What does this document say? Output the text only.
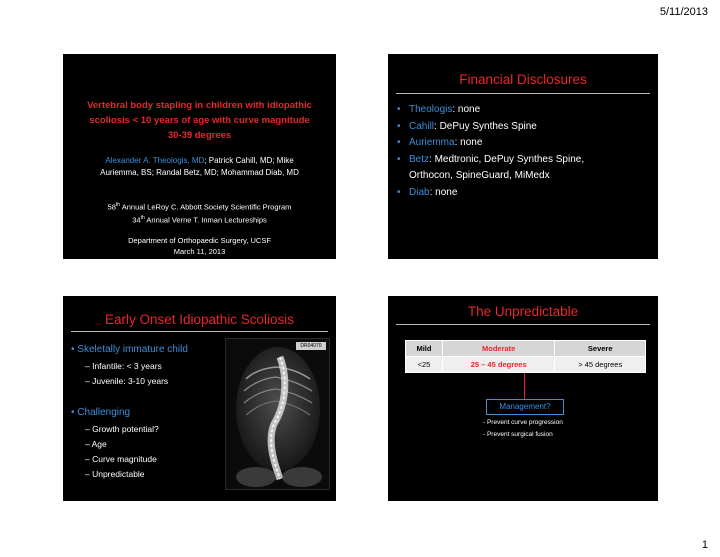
5/11/2013
Vertebral body stapling in children with idiopathic
scoliosis < 10 years of age with curve magnitude
30-39 degrees
Alexander A. Theologis, MD; Patrick Cahill, MD; Mike
Auriemma, BS; Randal Betz, MD; Mohammad Diab, MD
58th Annual LeRoy C. Abbott Society Scientific Program
34th Annual Verne T. Inman Lectureships
Department of Orthopaedic Surgery, UCSF
March 11, 2013
Financial Disclosures
• Theologis: none
• Cahill: DePuy Synthes Spine
• Auriemma: none
• Betz: Medtronic, DePuy Synthes Spine,
Orthocon, SpineGuard, MiMedx
• Diab: none
Early Onset Idiopathic Scoliosis
• Skeletally immature child
– Infantile: < 3 years
– Juvenile: 3-10 years
• Challenging
– Growth potential?
– Age
– Curve magnitude
– Unpredictable
DR04070
The Unpredictable
Mild	Moderate	Severe
<25	25 – 45 degrees	> 45 degrees
Management?
- Prevent curve progression
- Prevent surgical fusion
1
